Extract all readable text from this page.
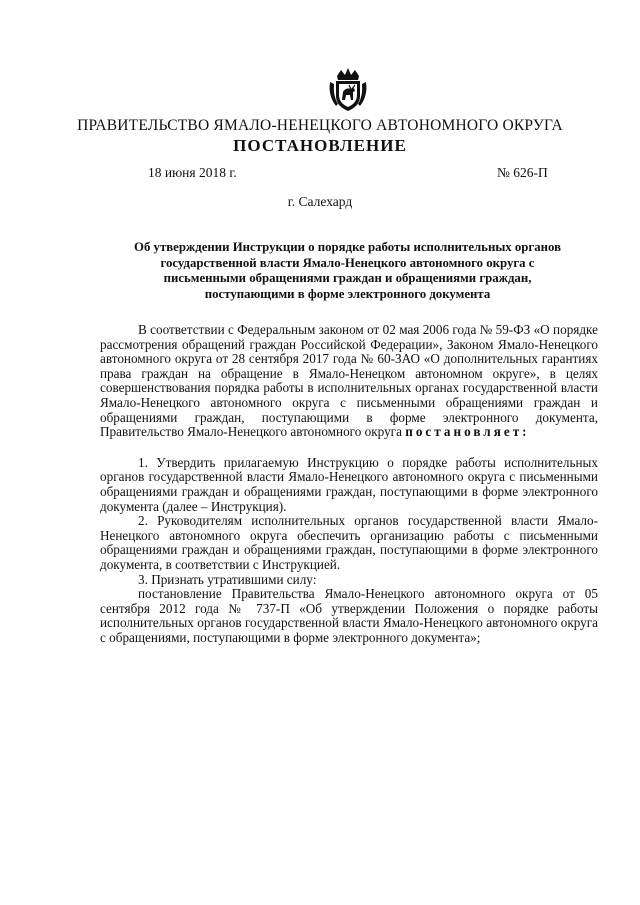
ПРАВИТЕЛЬСТВО ЯМАЛО-НЕНЕЦКОГО АВТОНОМНОГО ОКРУГА
ПОСТАНОВЛЕНИЕ
18 июня 2018 г.	№ 626-П
г. Салехард
Об утверждении Инструкции о порядке работы исполнительных органов государственной власти Ямало-Ненецкого автономного округа с письменными обращениями граждан и обращениями граждан, поступающими в форме электронного документа

В соответствии с Федеральным законом от 02 мая 2006 года № 59-ФЗ «О порядке рассмотрения обращений граждан Российской Федерации», Законом Ямало-Ненецкого автономного округа от 28 сентября 2017 года № 60-ЗАО «О дополнительных гарантиях права граждан на обращение в Ямало-Ненецком автономном округе», в целях совершенствования порядка работы в исполнительных органах государственной власти Ямало-Ненецкого автономного округа с письменными обращениями граждан и обращениями граждан, поступающими в форме электронного документа, Правительство Ямало-Ненецкого автономного округа постановляет:

1. Утвердить прилагаемую Инструкцию о порядке работы исполнительных органов государственной власти Ямало-Ненецкого автономного округа с письменными обращениями граждан и обращениями граждан, поступающими в форме электронного документа (далее – Инструкция).

2. Руководителям исполнительных органов государственной власти Ямало-Ненецкого автономного округа обеспечить организацию работы с письменными обращениями граждан и обращениями граждан, поступающими в форме электронного документа, в соответствии с Инструкцией.

3. Признать утратившими силу:

постановление Правительства Ямало-Ненецкого автономного округа от 05 сентября 2012 года № 737-П «Об утверждении Положения о порядке работы исполнительных органов государственной власти Ямало-Ненецкого автономного округа с обращениями, поступающими в форме электронного документа»;
